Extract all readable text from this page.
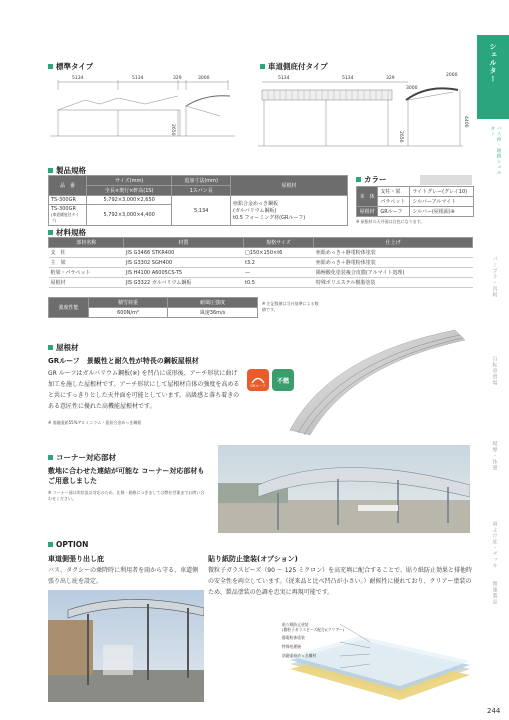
シェルター
バス停・通路シェルター
パーゴラ・四阿
自転車置場
喫煙・休憩
雨よけ庇・デッキ
関連製品
標準タイプ	車道側庇付タイプ
5134	5134	329	3000
2650
5134	5134	329
3000
2000
2650
4400
製品規格
品　番	サイズ(mm)	追加寸法(mm)	屋根材
	全長×奥行×軒高(1S)	1スパン長	
TS-300GR	5,792×3,000×2,650	5,134	亜鉛合金めっき鋼板
(ガルバリウム鋼板)
t0.5 フォーミング材(GRルーフ)

TS-300GR
(車道側庇付タイプ)	5,792×3,000×4,400		
カラー
本　体	支柱・梁	ライトグレー(グレイ10)
	パラペット	シルバーアルマイト
屋根材	GRルーフ	シルバー(屋根面)※
※ 屋根材の天井面は白色になります。
材料規格
部材名称	材質	規格サイズ	仕上げ
支　柱	JIS G3466 STKR400	□150×150×t6	亜鉛めっき＋静電粉体塗装
主　梁	JIS G3302 SGH400	t3.2	亜鉛めっき＋静電粉体塗装
桁梁・パラペット	JIS H4100 A6005CS-T5	—	陽極酸化塗装複合皮膜(アルマイト処理)
屋根材	JIS G3322 ガルバリウム鋼板	t0.5	特殊ポリエステル樹脂塗装
強度性能	積雪荷重	耐風圧強度
	600N/m²	風速36m/s
※ 左記数値は当社基準による数値です。
屋根材
GRルーフ　景観性と耐久性が特長の鋼板屋根材
GR ルーフはガルバリウム鋼板(※) を凹凸に成形後、アーチ形状に曲げ加工を施した屋根材です。アーチ形状にして屋根材自体の強度を高めると共にすっきりとした天井面を可能としています。高級感と落ち着きのある意匠性に優れた高機能屋根材です。
※ 溶融亜鉛55%アルミニウム・亜鉛合金めっき鋼板
GRルーフ
不燃
コーナー対応部材
敷地に合わせた連結が可能な コーナー対応部材もご用意しました
※ コーナー部は形状設計対応のため、仕様・価格につきましては弊社営業までお問い合わせください。
OPTION
車道側張り出し庇
バス、タクシーの乗降時に利用者を雨から守る、車道側張り出し庇を設定。
貼り紙防止塗装(オプション)
微粒子ガラスビーズ（90 ～ 125 ミクロン）を高充填に配合することで、貼り紙防止効果と排他時の安全性を両立しています。（従来品と比べ凹凸が小さい。）耐候性に優れており、クリアー塗装のため、製品塗装の色調を忠実に再現可能です。
貼り紙防止塗装
(微粒子ガラスビーズ配合)(クリアー)
静電粉体塗装
特殊処理層
溶融亜鉛めっき鋼材
244
